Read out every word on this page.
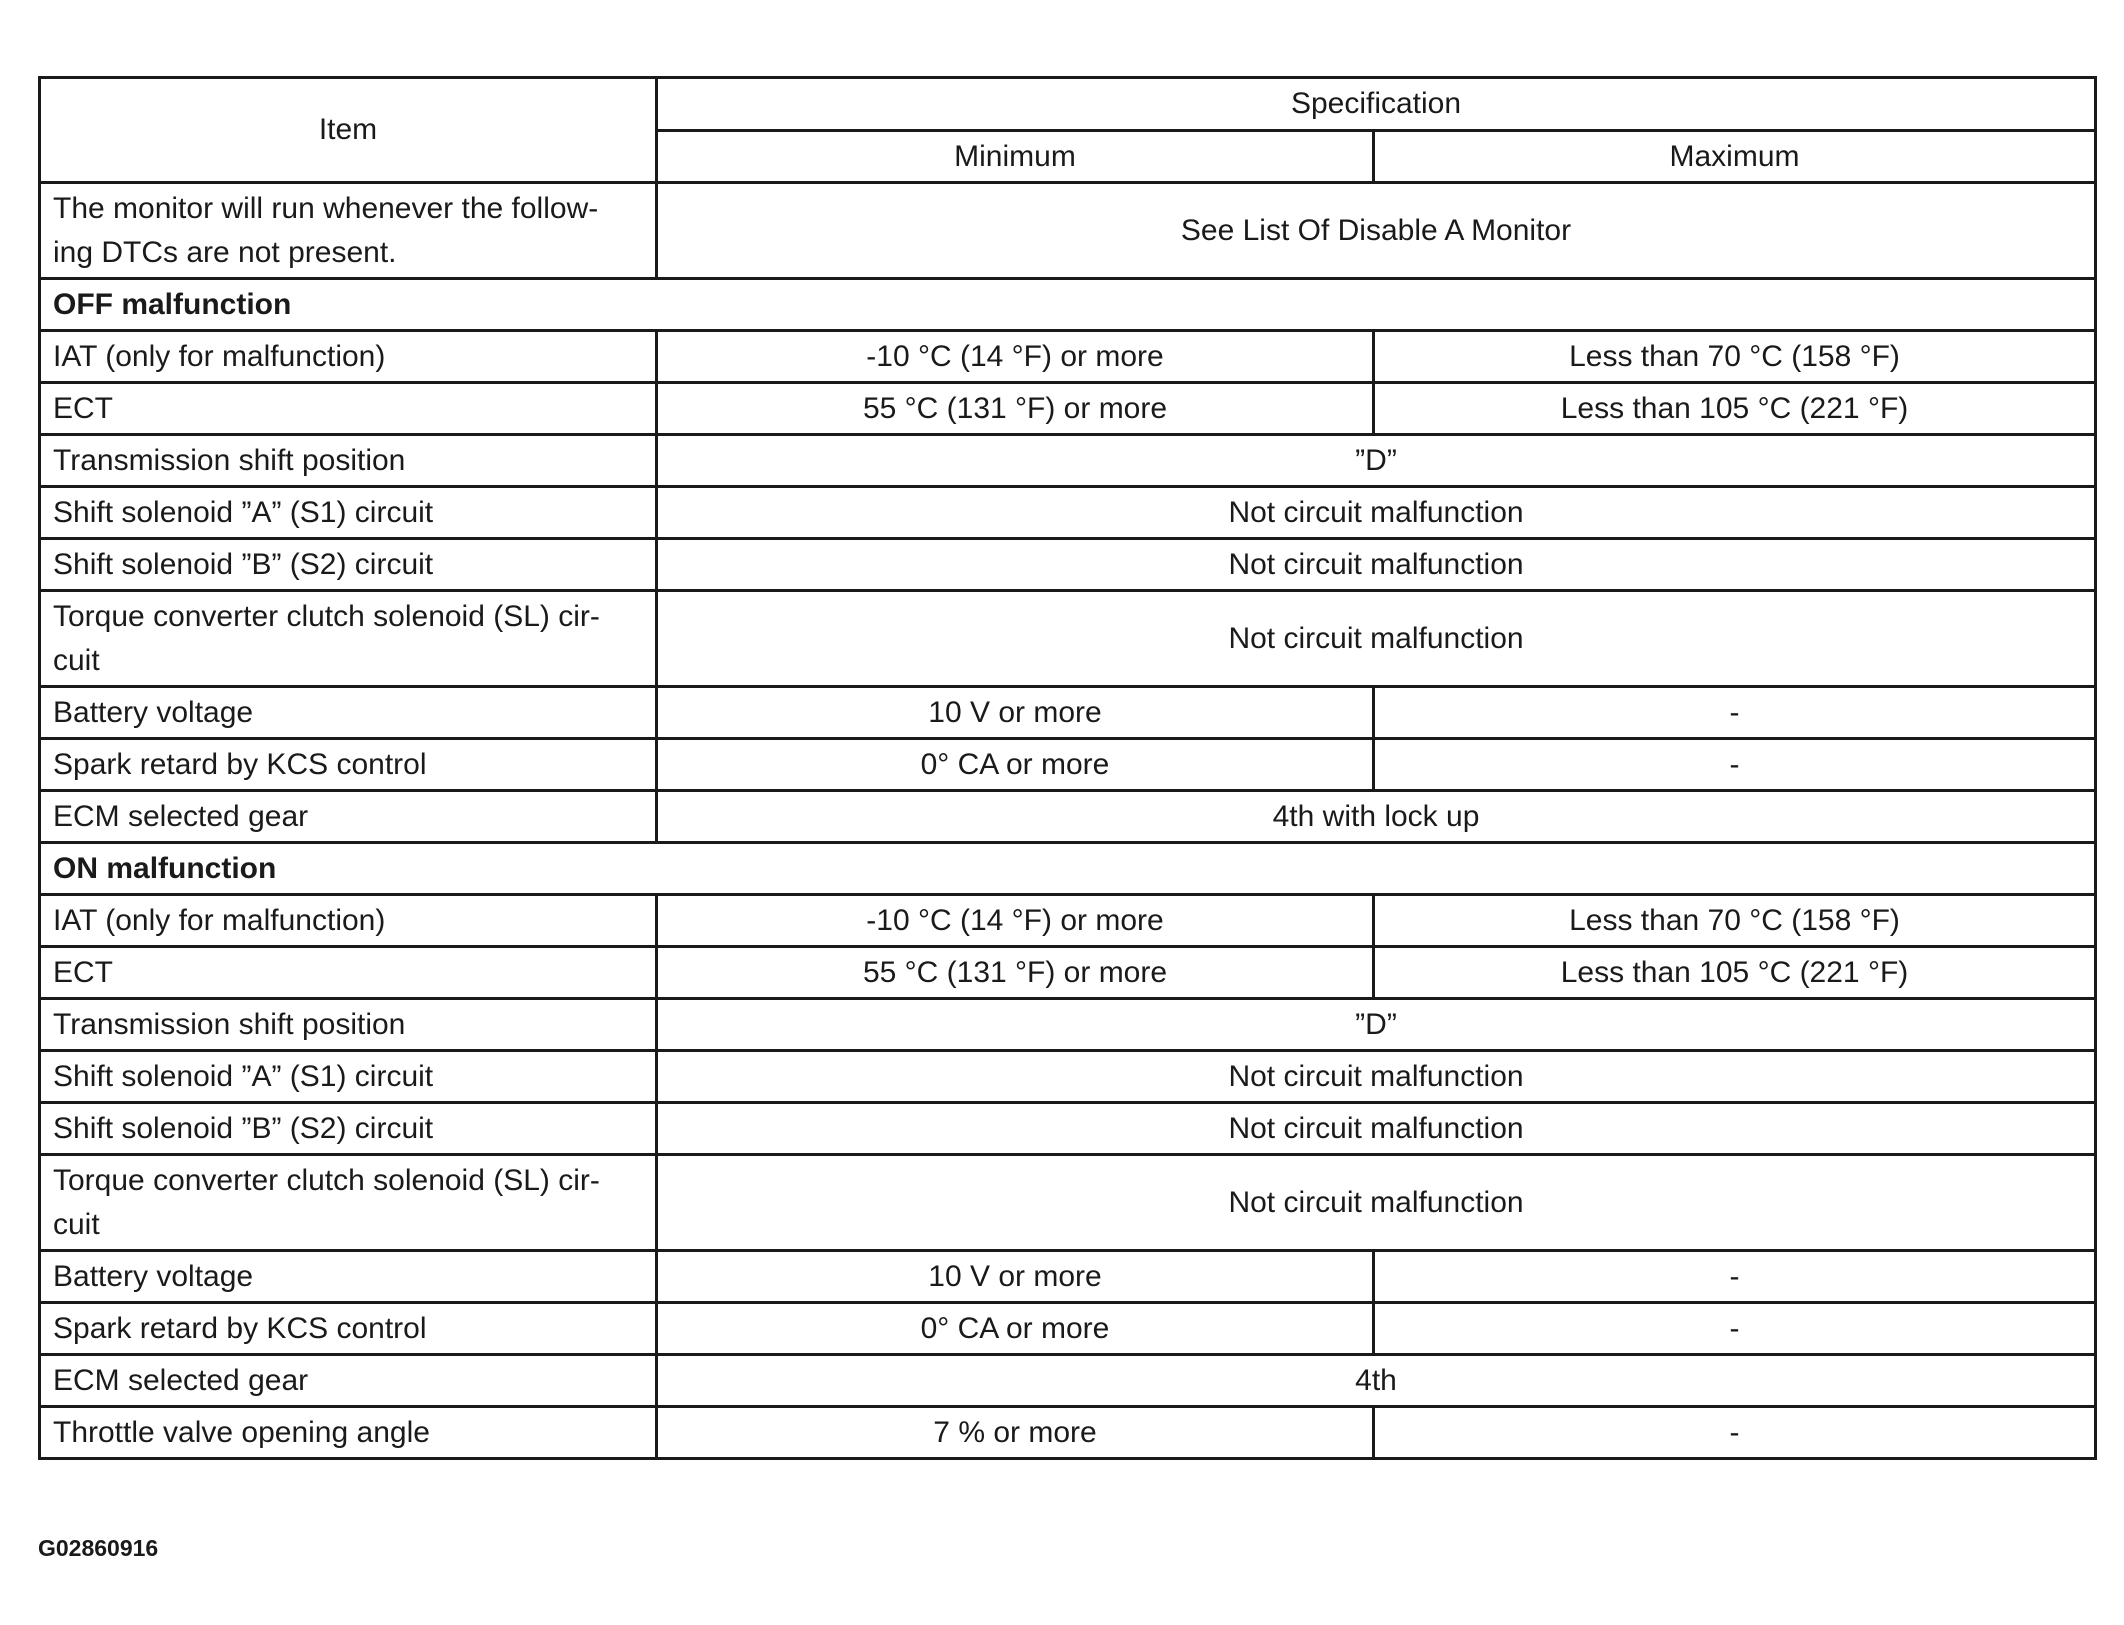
Item	Specification	
	Minimum	Maximum
The monitor will run whenever the follow- ing DTCs are not present.	See List Of Disable A Monitor	
OFF malfunction		
IAT (only for malfunction)	-10 °C (14 °F) or more	Less than 70 °C (158 °F)
ECT	55 °C (131 °F) or more	Less than 105 °C (221 °F)
Transmission shift position	”D”	
Shift solenoid ”A” (S1) circuit	Not circuit malfunction	
Shift solenoid ”B” (S2) circuit	Not circuit malfunction	
Torque converter clutch solenoid (SL) cir- cuit	Not circuit malfunction	
Battery voltage	10 V or more	-
Spark retard by KCS control	0° CA or more	-
ECM selected gear	4th with lock up	
ON malfunction		
IAT (only for malfunction)	-10 °C (14 °F) or more	Less than 70 °C (158 °F)
ECT	55 °C (131 °F) or more	Less than 105 °C (221 °F)
Transmission shift position	”D”	
Shift solenoid ”A” (S1) circuit	Not circuit malfunction	
Shift solenoid ”B” (S2) circuit	Not circuit malfunction	
Torque converter clutch solenoid (SL) cir- cuit	Not circuit malfunction	
Battery voltage	10 V or more	-
Spark retard by KCS control	0° CA or more	-
ECM selected gear	4th	
Throttle valve opening angle	7 % or more	-
G02860916
